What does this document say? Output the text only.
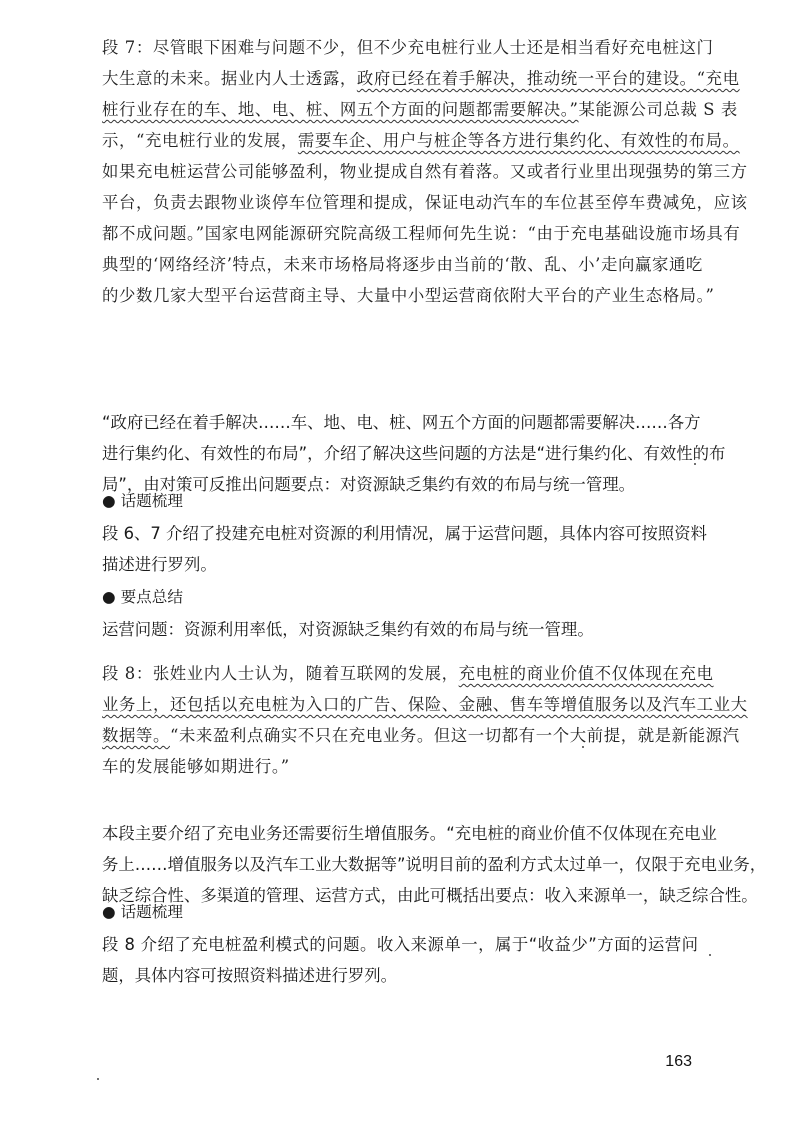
段 7：尽管眼下困难与问题不少，但不少充电桩行业人士还是相当看好充电桩这门
大生意的未来。据业内人士透露，政府已经在着手解决，推动统一平台的建设。“充电
桩行业存在的车、地、电、桩、网五个方面的问题都需要解决。”某能源公司总裁 S 表
示，“充电桩行业的发展，需要车企、用户与桩企等各方进行集约化、有效性的布局。
如果充电桩运营公司能够盈利，物业提成自然有着落。又或者行业里出现强势的第三方
平台，负责去跟物业谈停车位管理和提成，保证电动汽车的车位甚至停车费减免，应该
都不成问题。”国家电网能源研究院高级工程师何先生说：“由于充电基础设施市场具有
典型的‘网络经济’特点，未来市场格局将逐步由当前的‘散、乱、小’走向赢家通吃
的少数几家大型平台运营商主导、大量中小型运营商依附大平台的产业生态格局。”
“政府已经在着手解决……车、地、电、桩、网五个方面的问题都需要解决……各方
进行集约化、有效性的布局”，介绍了解决这些问题的方法是“进行集约化、有效性的布
局”，由对策可反推出问题要点：对资源缺乏集约有效的布局与统一管理。
● 话题梳理
段 6、7 介绍了投建充电桩对资源的利用情况，属于运营问题，具体内容可按照资料
描述进行罗列。
● 要点总结
运营问题：资源利用率低，对资源缺乏集约有效的布局与统一管理。
段 8：张姓业内人士认为，随着互联网的发展，充电桩的商业价值不仅体现在充电
业务上，还包括以充电桩为入口的广告、保险、金融、售车等增值服务以及汽车工业大
数据等。“未来盈利点确实不只在充电业务。但这一切都有一个大前提，就是新能源汽
车的发展能够如期进行。”
本段主要介绍了充电业务还需要衍生增值服务。“充电桩的商业价值不仅体现在充电业
务上……增值服务以及汽车工业大数据等”说明目前的盈利方式太过单一，仅限于充电业务，
缺乏综合性、多渠道的管理、运营方式，由此可概括出要点：收入来源单一，缺乏综合性。
● 话题梳理
段 8 介绍了充电桩盈利模式的问题。收入来源单一，属于“收益少”方面的运营问
题，具体内容可按照资料描述进行罗列。
163
